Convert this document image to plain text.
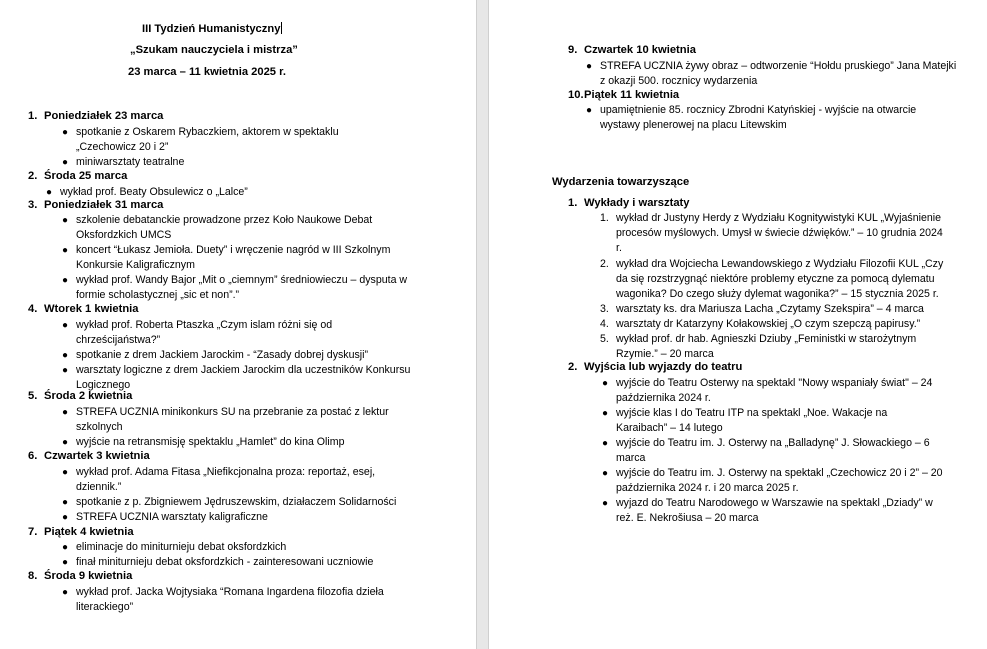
III Tydzień Humanistyczny
„Szukam nauczyciela i mistrza”
23 marca – 11 kwietnia 2025 r.
1. Poniedziałek 23 marca
● spotkanie z Oskarem Rybaczkiem, aktorem w spektaklu „Czechowicz 20 i 2”
● miniwarsztaty teatralne
2. Środa 25 marca
● wykład prof. Beaty Obsulewicz o „Lalce”
3. Poniedziałek 31 marca
● szkolenie debatanckie prowadzone przez Koło Naukowe Debat Oksfordzkich UMCS
● koncert “Łukasz Jemioła. Duety” i wręczenie nagród w III Szkolnym Konkursie Kaligraficznym
● wykład prof. Wandy Bajor „Mit o „ciemnym” średniowieczu – dysputa w formie scholastycznej „sic et non”.”
4. Wtorek 1 kwietnia
● wykład prof. Roberta Ptaszka „Czym islam różni się od chrześcijaństwa?”
● spotkanie z drem Jackiem Jarockim - “Zasady dobrej dyskusji”
● warsztaty logiczne z drem Jackiem Jarockim dla uczestników Konkursu Logicznego
5. Środa 2 kwietnia
● STREFA UCZNIA minikonkurs SU na przebranie za postać z lektur szkolnych
● wyjście na retransmisję spektaklu „Hamlet” do kina Olimp
6. Czwartek 3 kwietnia
● wykład prof. Adama Fitasa „Niefikcjonalna proza: reportaż, esej, dziennik.”
● spotkanie z p. Zbigniewem Jędruszewskim, działaczem Solidarności
● STREFA UCZNIA warsztaty kaligraficzne
7. Piątek 4 kwietnia
● eliminacje do miniturnieju debat oksfordzkich
● finał miniturnieju debat oksfordzkich - zainteresowani uczniowie
8. Środa 9 kwietnia
● wykład prof. Jacka Wojtysiaka “Romana Ingardena filozofia dzieła literackiego”
9. Czwartek 10 kwietnia
● STREFA UCZNIA żywy obraz – odtworzenie “Hołdu pruskiego” Jana Matejki z okazji 500. rocznicy wydarzenia
10.Piątek 11 kwietnia
● upamiętnienie 85. rocznicy Zbrodni Katyńskiej - wyjście na otwarcie wystawy plenerowej na placu Litewskim
Wydarzenia towarzyszące
1. Wykłady i warsztaty
1. wykład dr Justyny Herdy z Wydziału Kognitywistyki KUL „Wyjaśnienie procesów myślowych. Umysł w świecie dźwięków.” – 10 grudnia 2024 r.
2. wykład dra Wojciecha Lewandowskiego z Wydziału Filozofii KUL „Czy da się rozstrzygnąć niektóre problemy etyczne za pomocą dylematu wagonika? Do czego służy dylemat wagonika?” – 15 stycznia 2025 r.
3. warsztaty ks. dra Mariusza Lacha „Czytamy Szekspira” – 4 marca
4. warsztaty dr Katarzyny Kołakowskiej „O czym szepczą papirusy.”
5. wykład prof. dr hab. Agnieszki Dziuby „Feministki w starożytnym Rzymie.” – 20 marca
2. Wyjścia lub wyjazdy do teatru
● wyjście do Teatru Osterwy na spektakl "Nowy wspaniały świat" – 24 października 2024 r.
● wyjście klas I do Teatru ITP na spektakl „Noe. Wakacje na Karaibach” – 14 lutego
● wyjście do Teatru im. J. Osterwy na „Balladynę” J. Słowackiego – 6 marca
● wyjście do Teatru im. J. Osterwy na spektakl „Czechowicz 20 i 2” – 20 października 2024 r. i 20 marca 2025 r.
● wyjazd do Teatru Narodowego w Warszawie na spektakl „Dziady” w reż. E. Nekrošiusa – 20 marca
